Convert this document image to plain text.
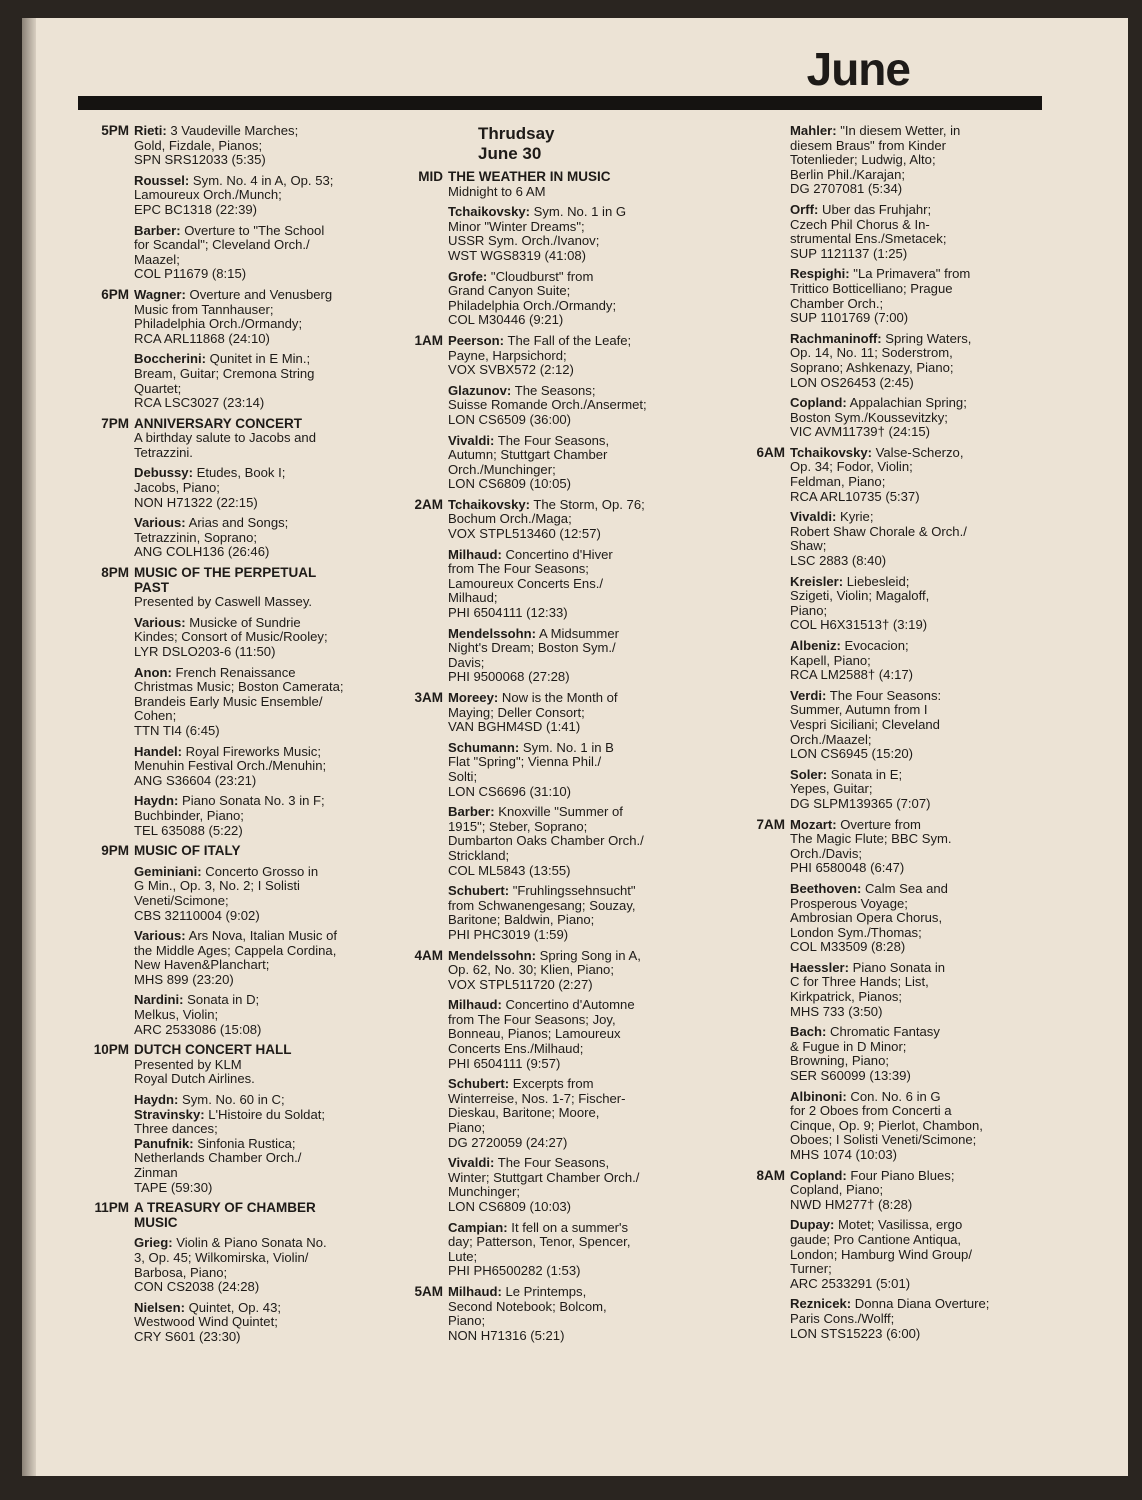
June
5PM Rieti: 3 Vaudeville Marches;
Gold, Fizdale, Pianos;
SPN SRS12033 (5:35)
Roussel: Sym. No. 4 in A, Op. 53;
Lamoureux Orch./Munch;
EPC BC1318 (22:39)
Barber: Overture to "The School
for Scandal"; Cleveland Orch./
Maazel;
COL P11679 (8:15)
6PM Wagner: Overture and Venusberg
Music from Tannhauser;
Philadelphia Orch./Ormandy;
RCA ARL11868 (24:10)
Boccherini: Qunitet in E Min.;
Bream, Guitar; Cremona String
Quartet;
RCA LSC3027 (23:14)
7PM ANNIVERSARY CONCERT
A birthday salute to Jacobs and
Tetrazzini.
Debussy: Etudes, Book I;
Jacobs, Piano;
NON H71322 (22:15)
Various: Arias and Songs;
Tetrazzinin, Soprano;
ANG COLH136 (26:46)
8PM MUSIC OF THE PERPETUAL
PAST
Presented by Caswell Massey.
Various: Musicke of Sundrie
Kindes; Consort of Music/Rooley;
LYR DSLO203-6 (11:50)
Anon: French Renaissance
Christmas Music; Boston Camerata;
Brandeis Early Music Ensemble/
Cohen;
TTN TI4 (6:45)
Handel: Royal Fireworks Music;
Menuhin Festival Orch./Menuhin;
ANG S36604 (23:21)
Haydn: Piano Sonata No. 3 in F;
Buchbinder, Piano;
TEL 635088 (5:22)
9PM MUSIC OF ITALY

Geminiani: Concerto Grosso in
G Min., Op. 3, No. 2; I Solisti
Veneti/Scimone;
CBS 32110004 (9:02)
Various: Ars Nova, Italian Music of
the Middle Ages; Cappela Cordina,
New Haven&Planchart;
MHS 899 (23:20)
Nardini: Sonata in D;
Melkus, Violin;
ARC 2533086 (15:08)
10PM DUTCH CONCERT HALL
Presented by KLM
Royal Dutch Airlines.
Haydn: Sym. No. 60 in C;
Stravinsky: L'Histoire du Soldat;
Three dances;
Panufnik: Sinfonia Rustica;
Netherlands Chamber Orch./
Zinman
TAPE (59:30)
11PM A TREASURY OF CHAMBER
MUSIC

Grieg: Violin & Piano Sonata No.
3, Op. 45; Wilkomirska, Violin/
Barbosa, Piano;
CON CS2038 (24:28)
Nielsen: Quintet, Op. 43;
Westwood Wind Quintet;
CRY S601 (23:30)
Thrudsay
June 30
MID THE WEATHER IN MUSIC
Midnight to 6 AM
Tchaikovsky: Sym. No. 1 in G
Minor "Winter Dreams";
USSR Sym. Orch./Ivanov;
WST WGS8319 (41:08)
Grofe: "Cloudburst" from
Grand Canyon Suite;
Philadelphia Orch./Ormandy;
COL M30446 (9:21)
1AM Peerson: The Fall of the Leafe;
Payne, Harpsichord;
VOX SVBX572 (2:12)
Glazunov: The Seasons;
Suisse Romande Orch./Ansermet;
LON CS6509 (36:00)
Vivaldi: The Four Seasons,
Autumn; Stuttgart Chamber
Orch./Munchinger;
LON CS6809 (10:05)
2AM Tchaikovsky: The Storm, Op. 76;
Bochum Orch./Maga;
VOX STPL513460 (12:57)
Milhaud: Concertino d'Hiver
from The Four Seasons;
Lamoureux Concerts Ens./
Milhaud;
PHI 6504111 (12:33)
Mendelssohn: A Midsummer
Night's Dream; Boston Sym./
Davis;
PHI 9500068 (27:28)
3AM Moreey: Now is the Month of
Maying; Deller Consort;
VAN BGHM4SD (1:41)
Schumann: Sym. No. 1 in B
Flat "Spring"; Vienna Phil./
Solti;
LON CS6696 (31:10)
Barber: Knoxville "Summer of
1915"; Steber, Soprano;
Dumbarton Oaks Chamber Orch./
Strickland;
COL ML5843 (13:55)
Schubert: "Fruhlingssehnsucht"
from Schwanengesang; Souzay,
Baritone; Baldwin, Piano;
PHI PHC3019 (1:59)
4AM Mendelssohn: Spring Song in A,
Op. 62, No. 30; Klien, Piano;
VOX STPL511720 (2:27)
Milhaud: Concertino d'Automne
from The Four Seasons; Joy,
Bonneau, Pianos; Lamoureux
Concerts Ens./Milhaud;
PHI 6504111 (9:57)
Schubert: Excerpts from
Winterreise, Nos. 1-7; Fischer-
Dieskau, Baritone; Moore,
Piano;
DG 2720059 (24:27)
Vivaldi: The Four Seasons,
Winter; Stuttgart Chamber Orch./
Munchinger;
LON CS6809 (10:03)
Campian: It fell on a summer's
day; Patterson, Tenor, Spencer,
Lute;
PHI PH6500282 (1:53)
5AM Milhaud: Le Printemps,
Second Notebook; Bolcom,
Piano;
NON H71316 (5:21)
Mahler: "In diesem Wetter, in
diesem Braus" from Kinder
Totenlieder; Ludwig, Alto;
Berlin Phil./Karajan;
DG 2707081 (5:34)
Orff: Uber das Fruhjahr;
Czech Phil Chorus & In-
strumental Ens./Smetacek;
SUP 1121137 (1:25)
Respighi: "La Primavera" from
Trittico Botticelliano; Prague
Chamber Orch.;
SUP 1101769 (7:00)
Rachmaninoff: Spring Waters,
Op. 14, No. 11; Soderstrom,
Soprano; Ashkenazy, Piano;
LON OS26453 (2:45)
Copland: Appalachian Spring;
Boston Sym./Koussevitzky;
VIC AVM11739† (24:15)
6AM Tchaikovsky: Valse-Scherzo,
Op. 34; Fodor, Violin;
Feldman, Piano;
RCA ARL10735 (5:37)
Vivaldi: Kyrie;
Robert Shaw Chorale & Orch./
Shaw;
LSC 2883 (8:40)
Kreisler: Liebesleid;
Szigeti, Violin; Magaloff,
Piano;
COL H6X31513† (3:19)
Albeniz: Evocacion;
Kapell, Piano;
RCA LM2588† (4:17)
Verdi: The Four Seasons:
Summer, Autumn from I
Vespri Siciliani; Cleveland
Orch./Maazel;
LON CS6945 (15:20)
Soler: Sonata in E;
Yepes, Guitar;
DG SLPM139365 (7:07)
7AM Mozart: Overture from
The Magic Flute; BBC Sym.
Orch./Davis;
PHI 6580048 (6:47)
Beethoven: Calm Sea and
Prosperous Voyage;
Ambrosian Opera Chorus,
London Sym./Thomas;
COL M33509 (8:28)
Haessler: Piano Sonata in
C for Three Hands; List,
Kirkpatrick, Pianos;
MHS 733 (3:50)
Bach: Chromatic Fantasy
& Fugue in D Minor;
Browning, Piano;
SER S60099 (13:39)
Albinoni: Con. No. 6 in G
for 2 Oboes from Concerti a
Cinque, Op. 9; Pierlot, Chambon,
Oboes; I Solisti Veneti/Scimone;
MHS 1074 (10:03)
8AM Copland: Four Piano Blues;
Copland, Piano;
NWD HM277† (8:28)
Dupay: Motet; Vasilissa, ergo
gaude; Pro Cantione Antiqua,
London; Hamburg Wind Group/
Turner;
ARC 2533291 (5:01)
Reznicek: Donna Diana Overture;
Paris Cons./Wolff;
LON STS15223 (6:00)
